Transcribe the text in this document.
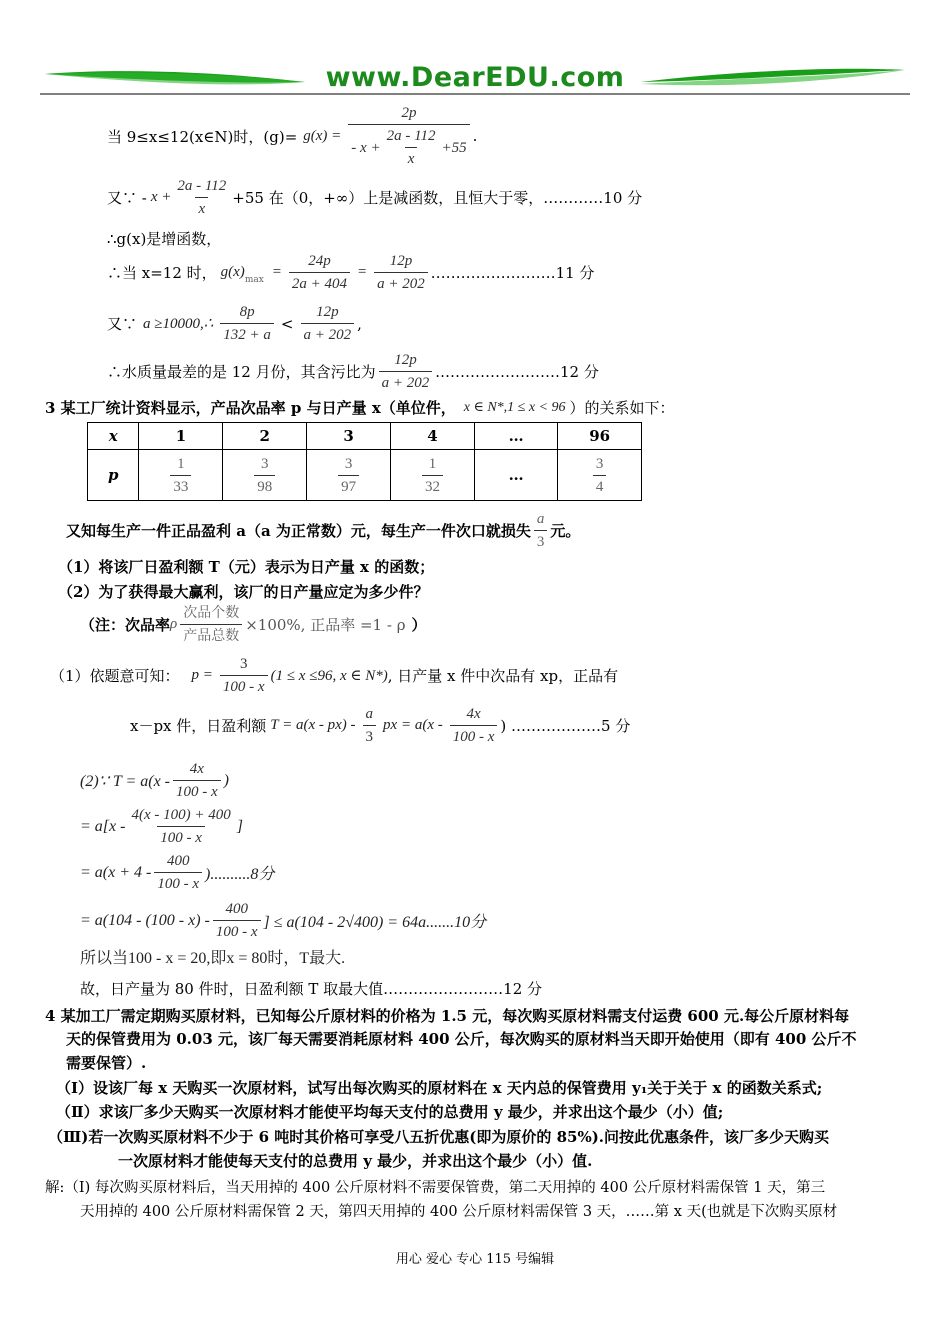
www.DearEDU.com
当 9≤x≤12(x∈N)时，$(g)= g(x) = \frac{2p}{- x + \frac{2a - 112}{x} +55}$ .
又∵ - $x + \frac{2a - 112}{x} +55$ 在（0，+∞）上是减函数，且恒大于零，…………10 分
∴g(x)是增函数，
∴当 x=12 时， g(x) $\max = \frac{24p}{2a + 404} = \frac{12p}{a + 202}$ .……………………11 分
又∵ a ≥10000,∴ $\frac{8p}{132 + a} < \frac{12p}{a + 202}$ ,
∴水质量最差的是 12 月份，其含污比为 $\frac{12p}{a + 202}$ .……………………12 分
3 某工厂统计资料显示，产品次品率 p 与日产量 x（单位件， x ∈ N*,1 ≤ x < 96 ）的关系如下：
x	1	2	3	4	…	96
p	$\frac{1}{33}$	$\frac{3}{98}$	$\frac{3}{97}$	$\frac{1}{32}$	…	$\frac{3}{4}$
又知每生产一件正品盈利 a（a 为正常数）元，每生产一件次口就损失 $\frac{a}{3}$ 元。
（1）将该厂日盈利额 T（元）表示为日产量 x 的函数；
（2）为了获得最大赢利，该厂的日产量应定为多少件？
（注：次品率 ρ $\frac{\text{次品个数}}{\text{产品总数}} \times 100\%$, 正品率 =1 - ρ ）
（1）依题意可知： $p = \frac{3}{100 - x} (1 \le x \le 96$, x ∈ N*) , 日产量 x 件中次品有 xp，正品有
x－px 件，日盈利额 $T = a(x - px) - \frac{a}{3}$ px = $a(x - \frac{4x}{100 - x}$ ) ………………5 分
(2)∵ $T = a(x - \frac{4x}{100 - x}$ )
= $a[x - \frac{4(x - 100) + 400}{100 - x}$ ]
= $a(x + 4 - \frac{400}{100 - x} )..........8$分
= $a(104 - (100 - x) - \frac{400}{100 - x}$ ] ≤ a(104 - 2√400) = 64a.......10分
所以当100 - x = 20,即x = 80时，T最大.
故，日产量为 80 件时，日盈利额 T 取最大值……………………12 分
4 某加工厂需定期购买原材料，已知每公斤原材料的价格为 1.5 元，每次购买原材料需支付运费 600 元.每公斤原材料每
天的保管费用为 0.03 元，该厂每天需要消耗原材料 400 公斤，每次购买的原材料当天即开始使用（即有 400 公斤不
需要保管）.
（Ⅰ）设该厂每 x 天购买一次原材料，试写出每次购买的原材料在 x 天内总的保管费用 y₁关于关于 x 的函数关系式;
（Ⅱ）求该厂多少天购买一次原材料才能使平均每天支付的总费用 y 最少，并求出这个最少（小）值;
（Ⅲ)若一次购买原材料不少于 6 吨时其价格可享受八五折优惠(即为原价的 85%).问按此优惠条件，该厂多少天购买
一次原材料才能使每天支付的总费用 y 最少，并求出这个最少（小）值.
解:（Ⅰ) 每次购买原材料后，当天用掉的 400 公斤原材料不需要保管费，第二天用掉的 400 公斤原材料需保管 1 天，第三
天用掉的 400 公斤原材料需保管 2 天，第四天用掉的 400 公斤原材料需保管 3 天，……第 x 天(也就是下次购买原材
用心 爱心 专心 115 号编辑
